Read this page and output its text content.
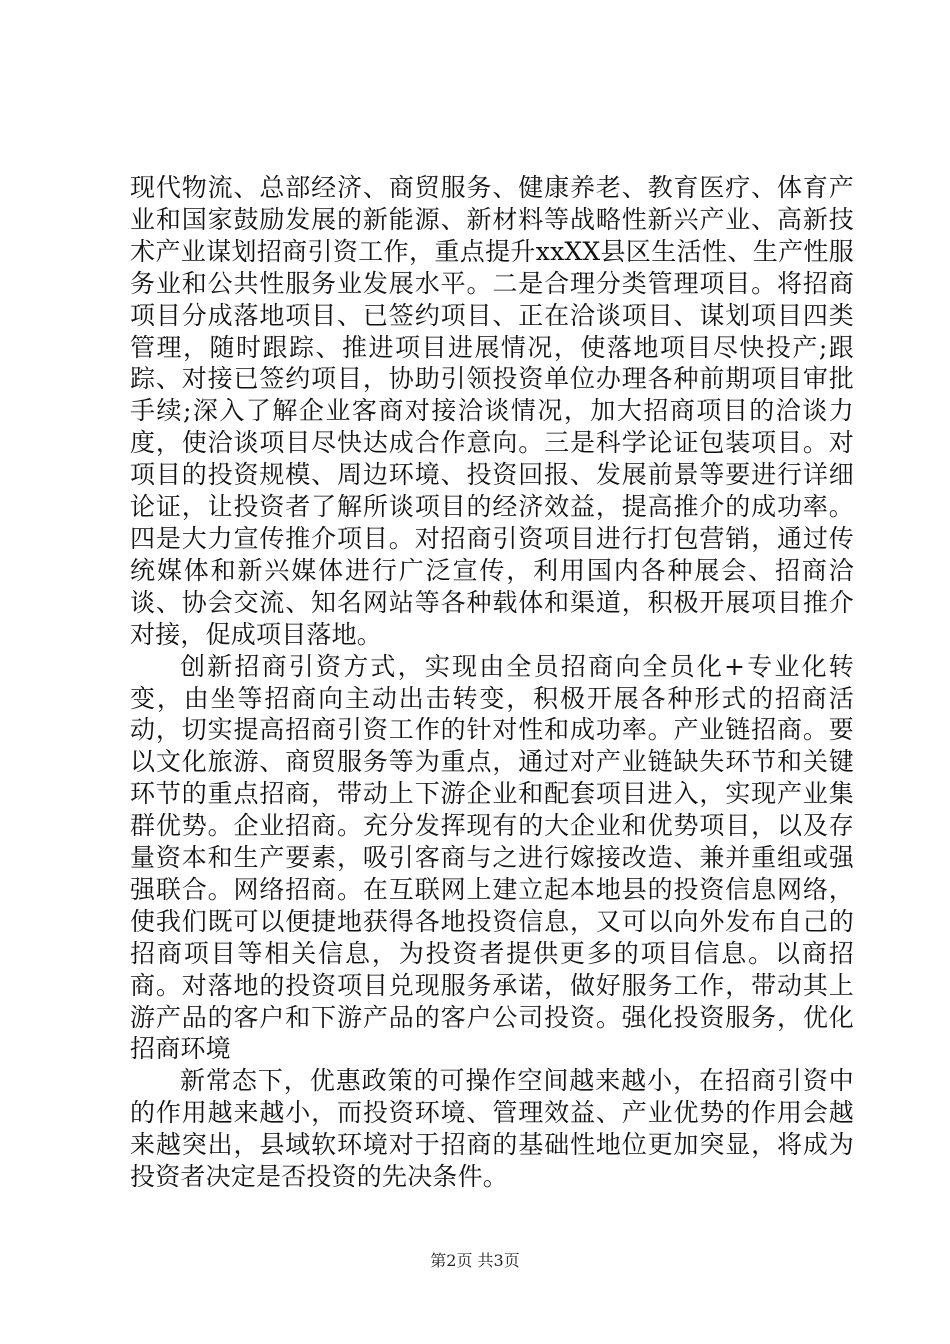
现代物流、总部经济、商贸服务、健康养老、教育医疗、体育产业和国家鼓励发展的新能源、新材料等战略性新兴产业、高新技术产业谋划招商引资工作，重点提升xxXX县区生活性、生产性服务业和公共性服务业发展水平。二是合理分类管理项目。将招商项目分成落地项目、已签约项目、正在洽谈项目、谋划项目四类管理，随时跟踪、推进项目进展情况，使落地项目尽快投产;跟踪、对接已签约项目，协助引领投资单位办理各种前期项目审批手续;深入了解企业客商对接洽谈情况，加大招商项目的洽谈力度，使洽谈项目尽快达成合作意向。三是科学论证包装项目。对项目的投资规模、周边环境、投资回报、发展前景等要进行详细论证，让投资者了解所谈项目的经济效益，提高推介的成功率。四是大力宣传推介项目。对招商引资项目进行打包营销，通过传统媒体和新兴媒体进行广泛宣传，利用国内各种展会、招商洽谈、协会交流、知名网站等各种载体和渠道，积极开展项目推介对接，促成项目落地。

创新招商引资方式，实现由全员招商向全员化+专业化转变，由坐等招商向主动出击转变，积极开展各种形式的招商活动，切实提高招商引资工作的针对性和成功率。产业链招商。要以文化旅游、商贸服务等为重点，通过对产业链缺失环节和关键环节的重点招商，带动上下游企业和配套项目进入，实现产业集群优势。企业招商。充分发挥现有的大企业和优势项目，以及存量资本和生产要素，吸引客商与之进行嫁接改造、兼并重组或强强联合。网络招商。在互联网上建立起本地县的投资信息网络，使我们既可以便捷地获得各地投资信息，又可以向外发布自己的招商项目等相关信息，为投资者提供更多的项目信息。以商招商。对落地的投资项目兑现服务承诺，做好服务工作，带动其上游产品的客户和下游产品的客户公司投资。强化投资服务，优化招商环境

新常态下，优惠政策的可操作空间越来越小，在招商引资中的作用越来越小，而投资环境、管理效益、产业优势的作用会越来越突出，县域软环境对于招商的基础性地位更加突显，将成为投资者决定是否投资的先决条件。

第2页 共3页
